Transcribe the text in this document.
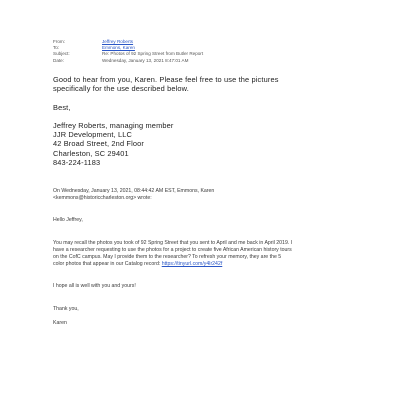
From:	Jeffrey Roberts
To:	Emmons, Karen
Subject:	Re: Photos of 92 Spring Street from Butler Report
Date:	Wednesday, January 13, 2021 8:47:01 AM

Good to hear from you, Karen. Please feel free to use the pictures

specifically for the use described below.

Best,

Jeffrey Roberts, managing member

JJR Development, LLC

42 Broad Street, 2nd Floor

Charleston, SC 29401

843-224-1183

On Wednesday, January 13, 2021, 08:44:42 AM EST, Emmons, Karen

<kemmons@historiccharleston.org> wrote:

Hello Jeffrey,

You may recall the photos you took of 92 Spring Street that you sent to April and me back in April 2019. I

have a researcher requesting to use the photos for a project to create five African American history tours

on the CofC campus. May I provide them to the researcher? To refresh your memory, they are the 5

color photos that appear in our Catalog record: https://tinyurl.com/y4lr242f

I hope all is well with you and yours!

Thank you,

Karen
